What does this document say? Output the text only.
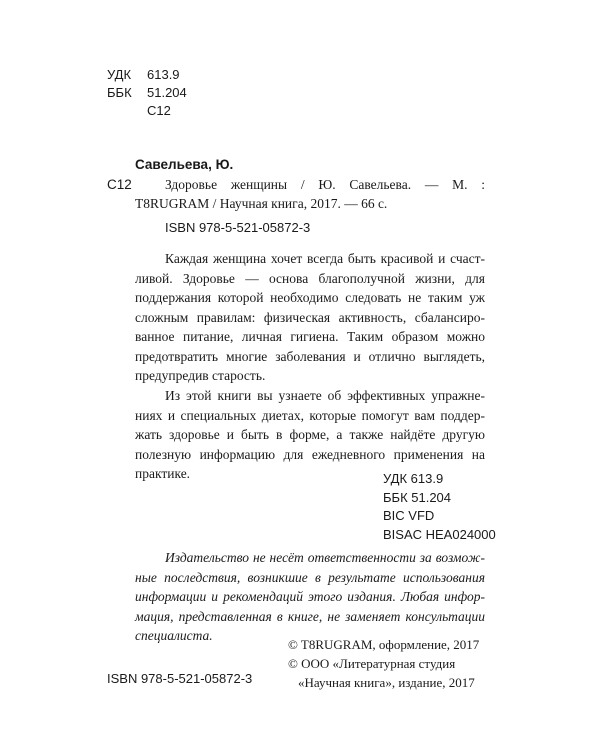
УДК 613.9
ББК 51.204
С12
Савельева, Ю.
С12 Здоровье женщины / Ю. Савельева. — М. :
T8RUGRAM / Научная книга, 2017. — 66 с.
ISBN 978-5-521-05872-3
Каждая женщина хочет всегда быть красивой и счаст-
ливой. Здоровье — основа благополучной жизни, для
поддержания которой необходимо следовать не таким уж
сложным правилам: физическая активность, сбалансиро-
ванное питание, личная гигиена. Таким образом можно
предотвратить многие заболевания и отлично выглядеть,
предупредив старость.
Из этой книги вы узнаете об эффективных упражне-
ниях и специальных диетах, которые помогут вам поддер-
жать здоровье и быть в форме, а также найдёте другую
полезную информацию для ежедневного применения на
практике.	УДК 613.9
ББК 51.204
BIC VFD
BISAC HEA024000
Издательство не несёт ответственности за возмож-
ные последствия, возникшие в результате использования
информации и рекомендаций этого издания. Любая инфор-
мация, представленная в книге, не заменяет консультации
специалиста.
© T8RUGRAM, оформление, 2017
© ООО «Литературная студия
«Научная книга», издание, 2017
ISBN 978-5-521-05872-3
